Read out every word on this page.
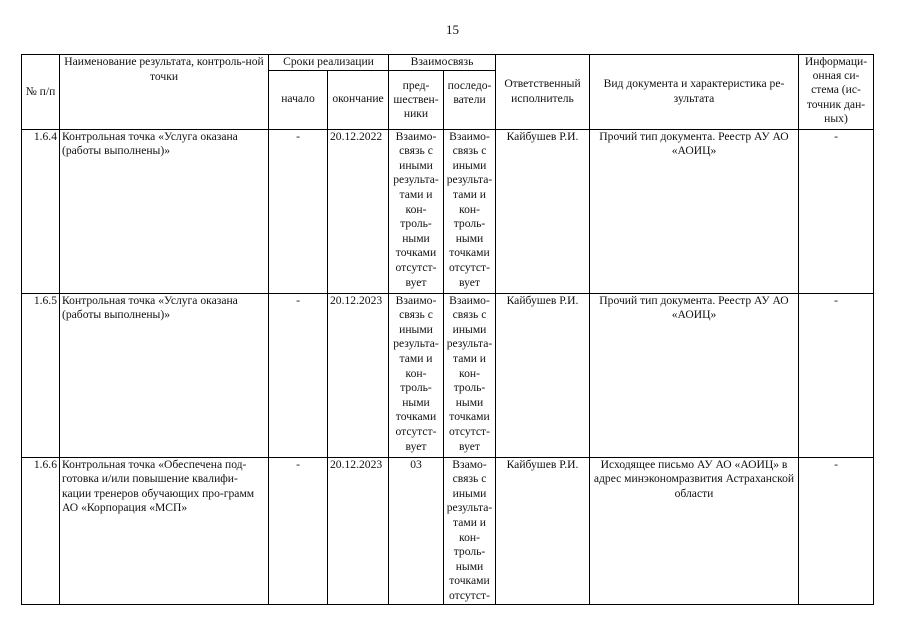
15
№ п/п	Наименование результата, контроль-ной точки	Сроки реализации		Взаимосвязь		Ответственный исполнитель	Вид документа и характеристика ре-зультата	Информаци-онная си-стема (ис-точник дан-ных)
		начало	окончание	пред-шествен-ники	последо-ватели			

1.6.4	Контрольная точка «Услуга оказана (работы выполнены)»	-	20.12.2022	Взаимо-связь с иными результа-тами и кон-троль-ными точками отсутст-вует	Взаимо-связь с иными результа-тами и кон-троль-ными точками отсутст-вует	Кайбушев Р.И.	Прочий тип документа. Реестр АУ АО «АОИЦ»	-
1.6.5	Контрольная точка «Услуга оказана (работы выполнены)»	-	20.12.2023	Взаимо-связь с иными результа-тами и кон-троль-ными точками отсутст-вует	Взаимо-связь с иными результа-тами и кон-троль-ными точками отсутст-вует	Кайбушев Р.И.	Прочий тип документа. Реестр АУ АО «АОИЦ»	-
1.6.6	Контрольная точка «Обеспечена под-готовка и/или повышение квалифи-кации тренеров обучающих про-грамм АО «Корпорация «МСП»	-	20.12.2023	03	Взамо-связь с иными результа-тами и кон-троль-ными точками отсутст-	Кайбушев Р.И.	Исходящее письмо АУ АО «АОИЦ» в адрес минэкономразвития Астраханской области	-
